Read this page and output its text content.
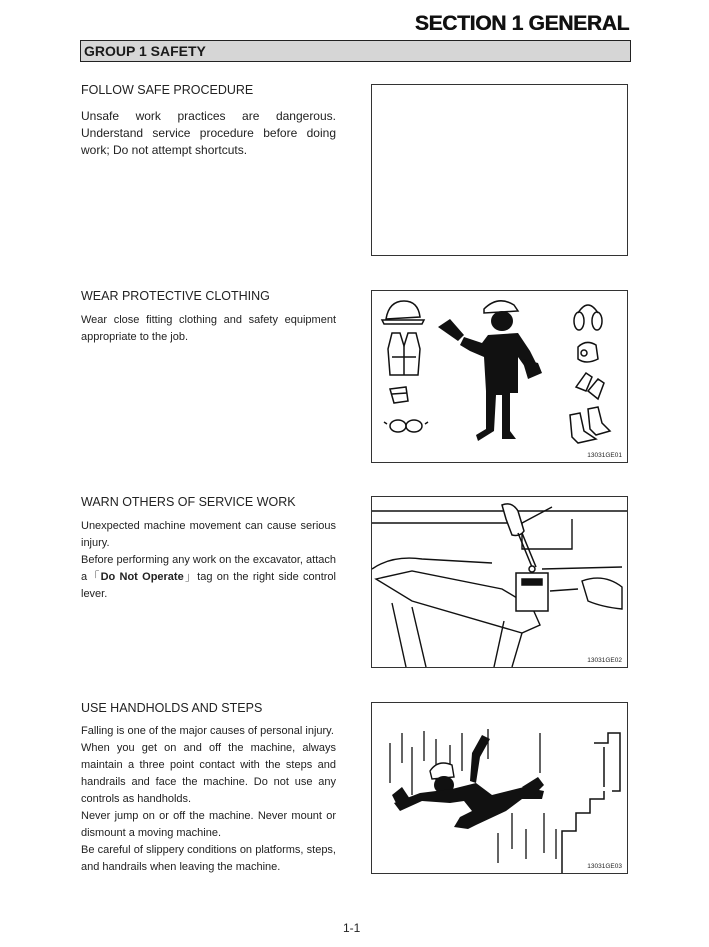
SECTION 1 GENERAL
GROUP 1 SAFETY
FOLLOW SAFE PROCEDURE

Unsafe work practices are dangerous. Understand service procedure before doing work; Do not attempt shortcuts.

WEAR PROTECTIVE CLOTHING

Wear close fitting clothing and safety equipment appropriate to the job.

13031GE01
WARN OTHERS OF SERVICE WORK

Unexpected machine movement can cause serious injury.

Before performing any work on the excavator, attach a「Do Not Operate」tag on the right side control lever.

13031GE02
USE HANDHOLDS AND STEPS

Falling is one of the major causes of personal injury.

When you get on and off the machine, always maintain a three point contact with the steps and handrails and face the machine. Do not use any controls as handholds.

Never jump on or off the machine. Never mount or dismount a moving machine.

Be careful of slippery conditions on platforms, steps, and handrails when leaving the machine.	13031GE03
1-1
